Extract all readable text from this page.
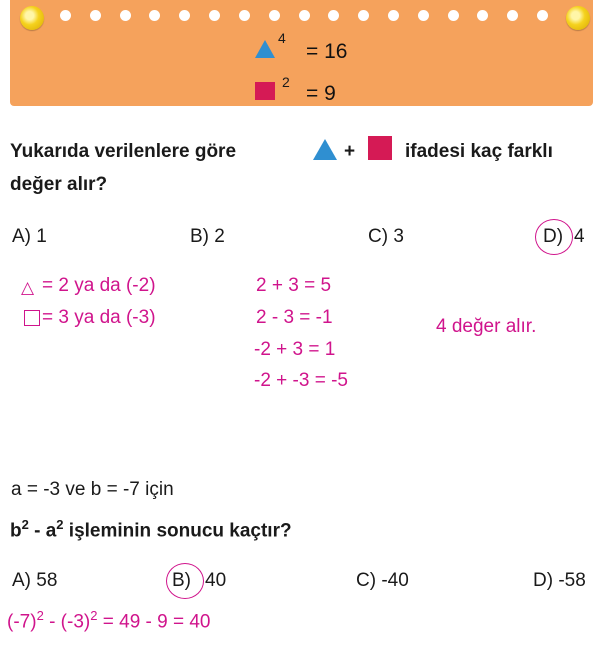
4
= 16
2 = 9
Yukarıda verilenlere göre	+	ifadesi kaç farklı
değer alır?
A) 1	B) 2	C) 3	D) 4
△ = 2 ya da (-2)
= 3 ya da (-3)
2 + 3 = 5
2 - 3 = -1
-2 + 3 = 1
-2 + -3 = -5
4 değer alır.
a = -3 ve b = -7 için
$b^2 - a^2$ işleminin sonucu kaçtır?
A) 58	B) 40	C) -40	D) -58
$(-7)^2 - (-3)^2 = 49 - 9 = 40$
